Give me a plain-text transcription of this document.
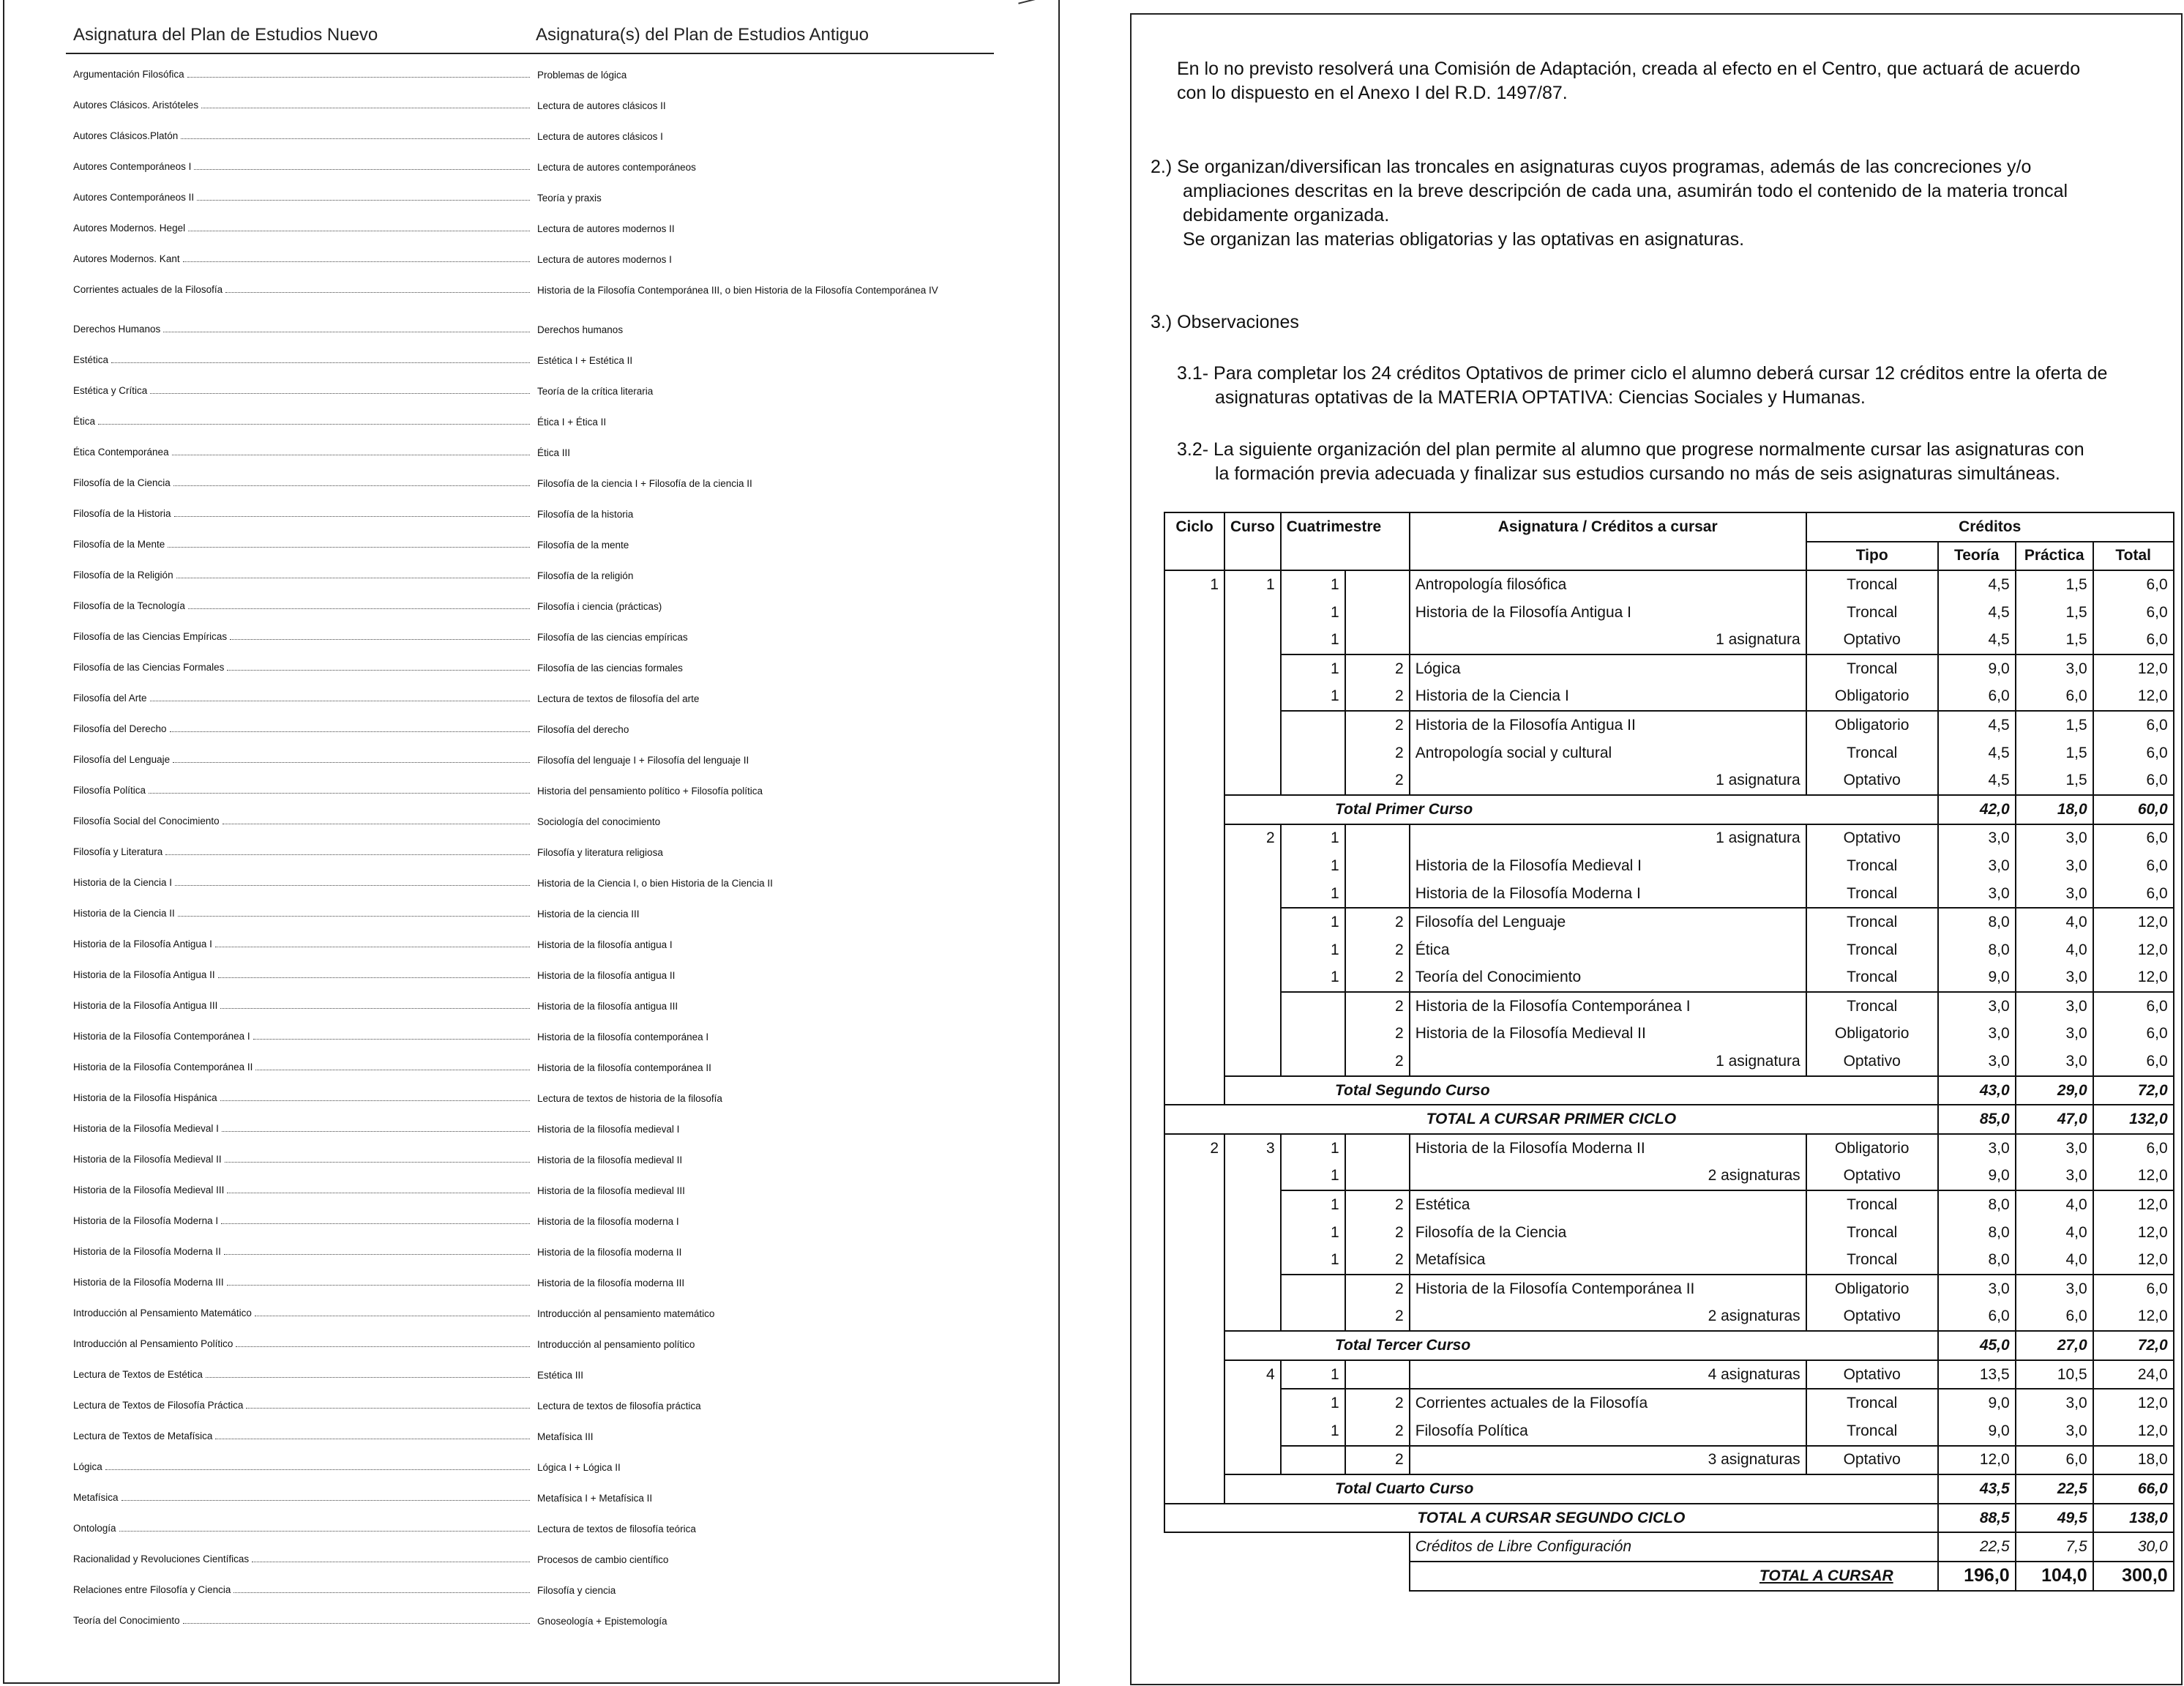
Asignatura del Plan de Estudios Nuevo	Asignatura(s) del Plan de Estudios Antiguo
Argumentación Filosófica	Problemas de lógica
Autores Clásicos. Aristóteles	Lectura de autores clásicos II
Autores Clásicos.Platón	Lectura de autores clásicos I
Autores Contemporáneos I	Lectura de autores contemporáneos
Autores Contemporáneos II	Teoría y praxis
Autores Modernos. Hegel	Lectura de autores modernos II
Autores Modernos. Kant	Lectura de autores modernos I
Corrientes actuales de la Filosofía	Historia de la Filosofía Contemporánea III, o bien Historia de la Filosofía Contemporánea IV
Derechos Humanos	Derechos humanos
Estética	Estética I + Estética II
Estética y Crítica	Teoría de la crítica literaria
Ética	Ética I + Ética II
Ética Contemporánea	Ética III
Filosofía de la Ciencia	Filosofía de la ciencia I + Filosofía de la ciencia II
Filosofía de la Historia	Filosofía de la historia
Filosofía de la Mente	Filosofía de la mente
Filosofía de la Religión	Filosofía de la religión
Filosofía de la Tecnología	Filosofía i ciencia (prácticas)
Filosofía de las Ciencias Empíricas	Filosofía de las ciencias empíricas
Filosofía de las Ciencias Formales	Filosofía de las ciencias formales
Filosofía del Arte	Lectura de textos de filosofía del arte
Filosofía del Derecho	Filosofía del derecho
Filosofía del Lenguaje	Filosofía del lenguaje I + Filosofía del lenguaje II
Filosofía Política	Historia del pensamiento político + Filosofía política
Filosofía Social del Conocimiento	Sociología del conocimiento
Filosofía y Literatura	Filosofía y literatura religiosa
Historia de la Ciencia I	Historia de la Ciencia I, o bien Historia de la Ciencia II
Historia de la Ciencia II	Historia de la ciencia III
Historia de la Filosofía Antigua I	Historia de la filosofía antigua I
Historia de la Filosofía Antigua II	Historia de la filosofía antigua II
Historia de la Filosofía Antigua III	Historia de la filosofía antigua III
Historia de la Filosofía Contemporánea I	Historia de la filosofía contemporánea I
Historia de la Filosofía Contemporánea II	Historia de la filosofía contemporánea II
Historia de la Filosofía Hispánica	Lectura de textos de historia de la filosofía
Historia de la Filosofía Medieval I	Historia de la filosofía medieval I
Historia de la Filosofía Medieval II	Historia de la filosofía medieval II
Historia de la Filosofía Medieval III	Historia de la filosofía medieval III
Historia de la Filosofía Moderna I	Historia de la filosofía moderna I
Historia de la Filosofía Moderna II	Historia de la filosofía moderna II
Historia de la Filosofía Moderna III	Historia de la filosofía moderna III
Introducción al Pensamiento Matemático	Introducción al pensamiento matemático
Introducción al Pensamiento Político	Introducción al pensamiento político
Lectura de Textos de Estética	Estética III
Lectura de Textos de Filosofía Práctica	Lectura de textos de filosofía práctica
Lectura de Textos de Metafísica	Metafísica III
Lógica	Lógica I + Lógica II
Metafísica	Metafísica I + Metafísica II
Ontología	Lectura de textos de filosofía teórica
Racionalidad y Revoluciones Científicas	Procesos de cambio científico
Relaciones entre Filosofía y Ciencia	Filosofía y ciencia
Teoría del Conocimiento	Gnoseología + Epistemología
En lo no previsto resolverá una Comisión de Adaptación, creada al efecto en el Centro, que actuará de acuerdo
con lo dispuesto en el Anexo I del R.D. 1497/87.
2.) Se organizan/diversifican las troncales en asignaturas cuyos programas, además de las concreciones y/o
ampliaciones descritas en la breve descripción de cada una, asumirán todo el contenido de la materia troncal
debidamente organizada.
Se organizan las materias obligatorias y las optativas en asignaturas.
3.) Observaciones
3.1- Para completar los 24 créditos Optativos de primer ciclo el alumno deberá cursar 12 créditos entre la oferta de
asignaturas optativas de la MATERIA OPTATIVA: Ciencias Sociales y Humanas.
3.2- La siguiente organización del plan permite al alumno que progrese normalmente cursar las asignaturas con
la formación previa adecuada y finalizar sus estudios cursando no más de seis asignaturas simultáneas.
Ciclo	Curso	Cuatrimestre		Asignatura / Créditos a cursar	Créditos			
					Tipo	Teoría	Práctica	Total
1	1	1		Antropología filosófica	Troncal	4,5	1,5	6,0
		1		Historia de la Filosofía Antigua I	Troncal	4,5	1,5	6,0
		1		1 asignatura	Optativo	4,5	1,5	6,0
		1	2	Lógica	Troncal	9,0	3,0	12,0
		1	2	Historia de la Ciencia I	Obligatorio	6,0	6,0	12,0
			2	Historia de la Filosofía Antigua II	Obligatorio	4,5	1,5	6,0
			2	Antropología social y cultural	Troncal	4,5	1,5	6,0
			2	1 asignatura	Optativo	4,5	1,5	6,0
	Total Primer Curso					42,0	18,0	60,0
	2	1		1 asignatura	Optativo	3,0	3,0	6,0
		1		Historia de la Filosofía Medieval I	Troncal	3,0	3,0	6,0
		1		Historia de la Filosofía Moderna I	Troncal	3,0	3,0	6,0
		1	2	Filosofía del Lenguaje	Troncal	8,0	4,0	12,0
		1	2	Ética	Troncal	8,0	4,0	12,0
		1	2	Teoría del Conocimiento	Troncal	9,0	3,0	12,0
			2	Historia de la Filosofía Contemporánea I	Troncal	3,0	3,0	6,0
			2	Historia de la Filosofía Medieval II	Obligatorio	3,0	3,0	6,0
			2	1 asignatura	Optativo	3,0	3,0	6,0
	Total Segundo Curso					43,0	29,0	72,0
TOTAL A CURSAR PRIMER CICLO						85,0	47,0	132,0
2	3	1		Historia de la Filosofía Moderna II	Obligatorio	3,0	3,0	6,0
		1		2 asignaturas	Optativo	9,0	3,0	12,0
		1	2	Estética	Troncal	8,0	4,0	12,0
		1	2	Filosofía de la Ciencia	Troncal	8,0	4,0	12,0
		1	2	Metafísica	Troncal	8,0	4,0	12,0
			2	Historia de la Filosofía Contemporánea II	Obligatorio	3,0	3,0	6,0
			2	2 asignaturas	Optativo	6,0	6,0	12,0
	Total Tercer Curso					45,0	27,0	72,0
	4	1		4 asignaturas	Optativo	13,5	10,5	24,0
		1	2	Corrientes actuales de la Filosofía	Troncal	9,0	3,0	12,0
		1	2	Filosofía Política	Troncal	9,0	3,0	12,0
			2	3 asignaturas	Optativo	12,0	6,0	18,0
	Total Cuarto Curso					43,5	22,5	66,0
TOTAL A CURSAR SEGUNDO CICLO						88,5	49,5	138,0
				Créditos de Libre Configuración		22,5	7,5	30,0
				TOTAL A CURSAR		196,0	104,0	300,0
